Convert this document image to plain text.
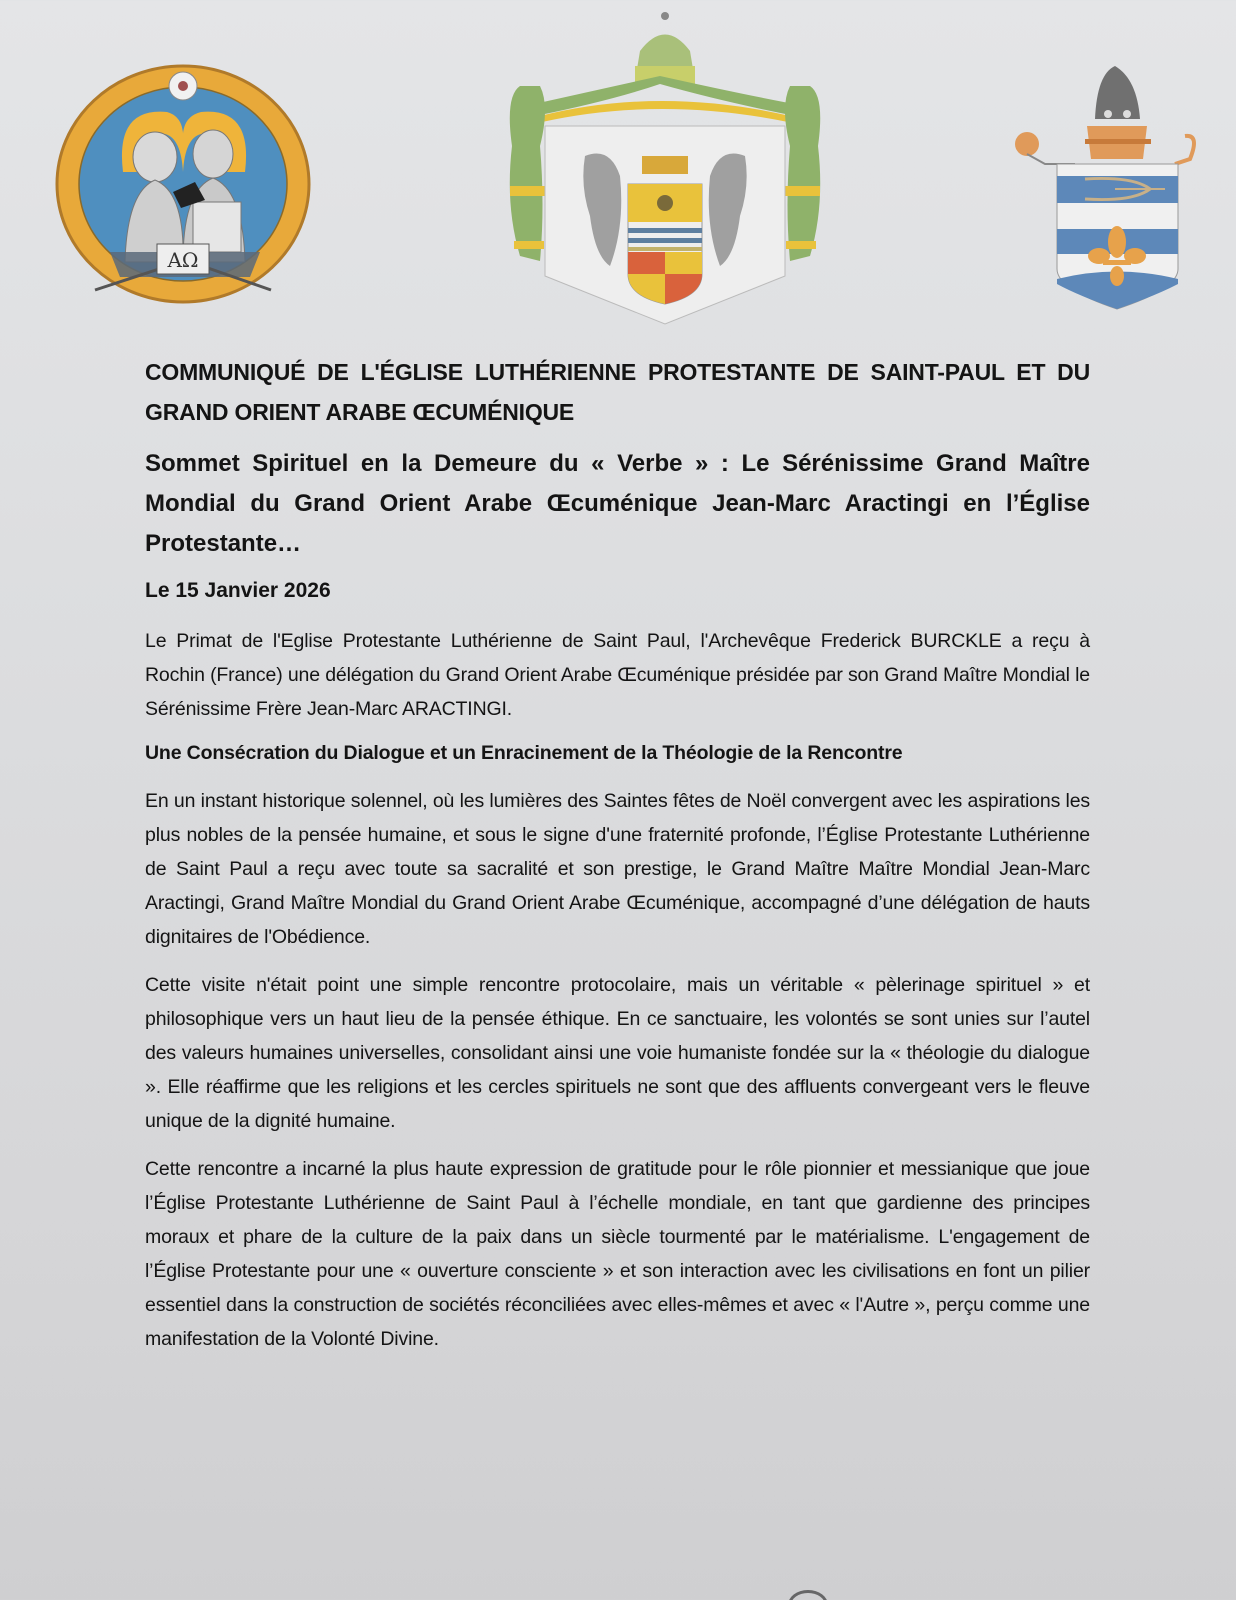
AΩ
COMMUNIQUÉ DE L'ÉGLISE LUTHÉRIENNE PROTESTANTE DE SAINT-PAUL ET DU GRAND ORIENT ARABE ŒCUMÉNIQUE
Sommet Spirituel en la Demeure du « Verbe » : Le Sérénissime Grand Maître Mondial du Grand Orient Arabe Œcuménique Jean-Marc Aractingi en l’Église Protestante…
Le 15 Janvier 2026

Le Primat de l'Eglise Protestante Luthérienne de Saint Paul, l'Archevêque Frederick BURCKLE a reçu à Rochin (France) une délégation du Grand Orient Arabe Œcuménique présidée par son Grand Maître Mondial le Sérénissime Frère Jean-Marc ARACTINGI.

Une Consécration du Dialogue et un Enracinement de la Théologie de la Rencontre

En un instant historique solennel, où les lumières des Saintes fêtes de Noël convergent avec les aspirations les plus nobles de la pensée humaine, et sous le signe d'une fraternité profonde, l’Église Protestante Luthérienne de Saint Paul a reçu avec toute sa sacralité et son prestige, le Grand Maître Maître Mondial Jean-Marc Aractingi, Grand Maître Mondial du Grand Orient Arabe Œcuménique, accompagné d’une délégation de hauts dignitaires de l'Obédience.

Cette visite n'était point une simple rencontre protocolaire, mais un véritable « pèlerinage spirituel » et philosophique vers un haut lieu de la pensée éthique. En ce sanctuaire, les volontés se sont unies sur l’autel des valeurs humaines universelles, consolidant ainsi une voie humaniste fondée sur la « théologie du dialogue ». Elle réaffirme que les religions et les cercles spirituels ne sont que des affluents convergeant vers le fleuve unique de la dignité humaine.

Cette rencontre a incarné la plus haute expression de gratitude pour le rôle pionnier et messianique que joue l’Église Protestante Luthérienne de Saint Paul à l’échelle mondiale, en tant que gardienne des principes moraux et phare de la culture de la paix dans un siècle tourmenté par le matérialisme. L'engagement de l’Église Protestante pour une « ouverture consciente » et son interaction avec les civilisations en font un pilier essentiel dans la construction de sociétés réconciliées avec elles-mêmes et avec « l'Autre », perçu comme une manifestation de la Volonté Divine.
